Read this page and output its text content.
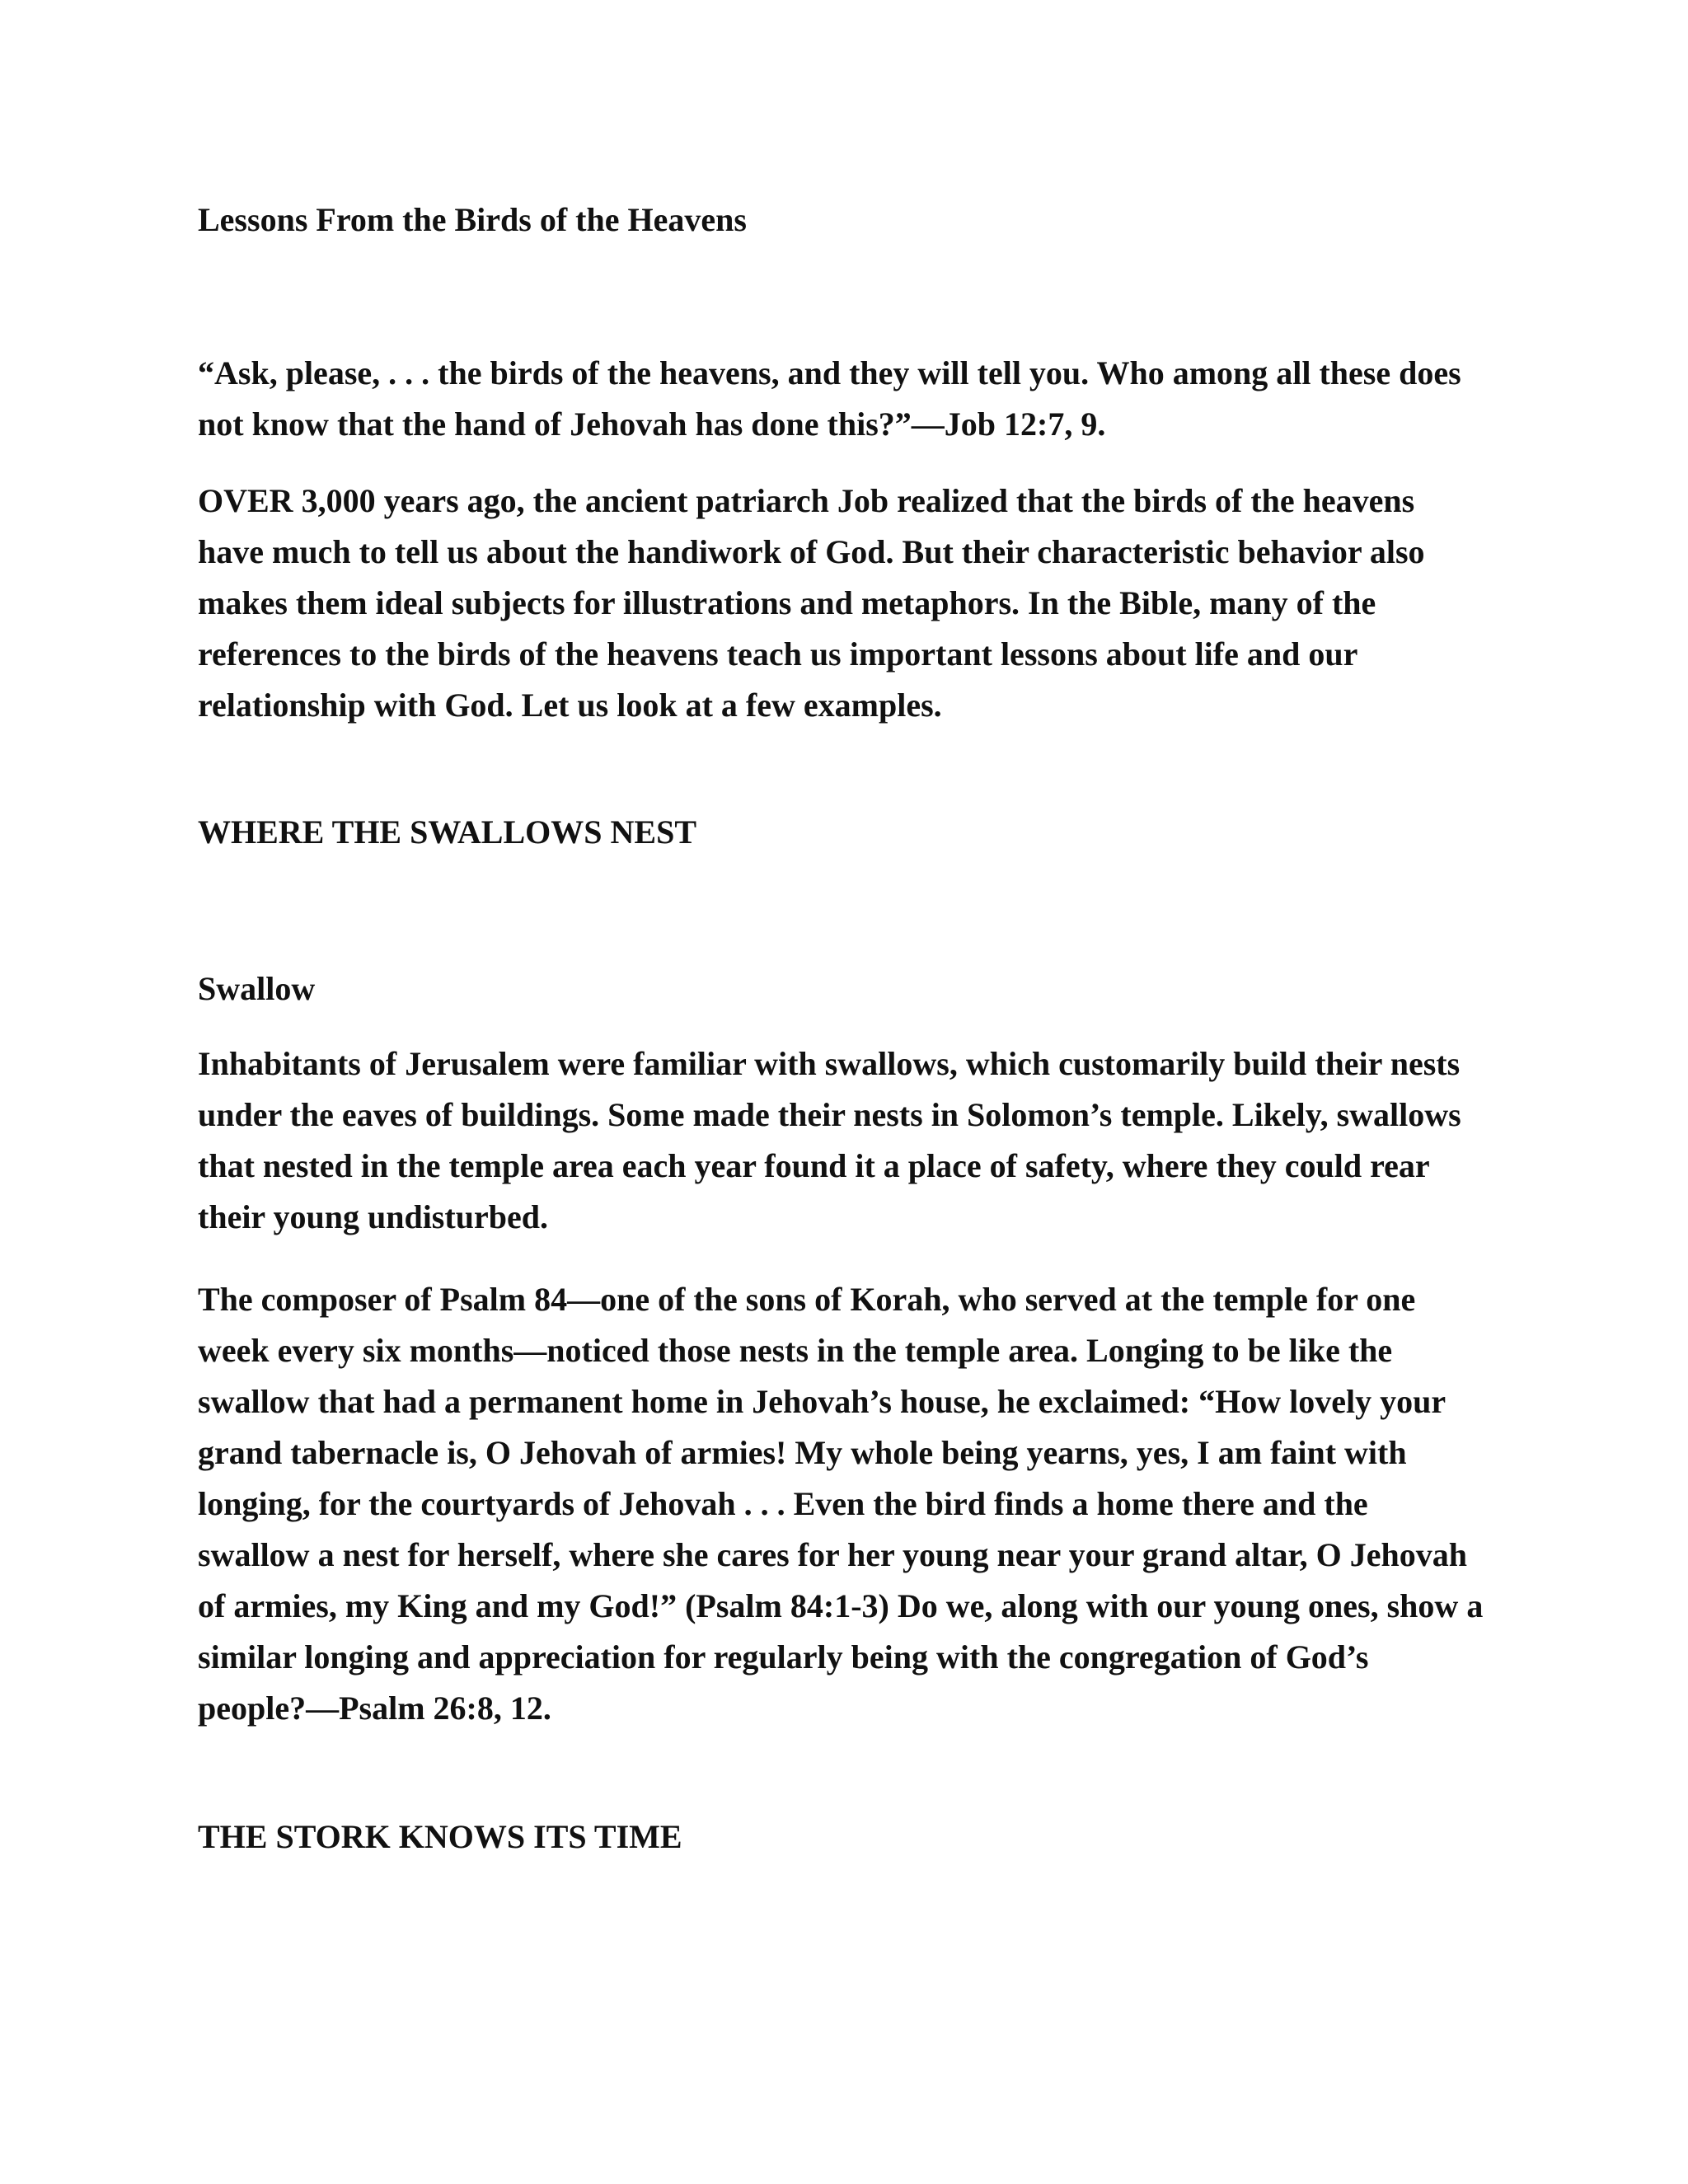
Lessons From the Birds of the Heavens

“Ask, please, . . . the birds of the heavens, and they will tell you. Who among all these does not know that the hand of Jehovah has done this?”—Job 12:7, 9.

OVER 3,000 years ago, the ancient patriarch Job realized that the birds of the heavens have much to tell us about the handiwork of God. But their characteristic behavior also makes them ideal subjects for illustrations and metaphors. In the Bible, many of the references to the birds of the heavens teach us important lessons about life and our relationship with God. Let us look at a few examples.

WHERE THE SWALLOWS NEST

Swallow

Inhabitants of Jerusalem were familiar with swallows, which customarily build their nests under the eaves of buildings. Some made their nests in Solomon’s temple. Likely, swallows that nested in the temple area each year found it a place of safety, where they could rear their young undisturbed.

The composer of Psalm 84—one of the sons of Korah, who served at the temple for one week every six months—noticed those nests in the temple area. Longing to be like the swallow that had a permanent home in Jehovah’s house, he exclaimed: “How lovely your grand tabernacle is, O Jehovah of armies! My whole being yearns, yes, I am faint with longing, for the courtyards of Jehovah . . . Even the bird finds a home there and the swallow a nest for herself, where she cares for her young near your grand altar, O Jehovah of armies, my King and my God!” (Psalm 84:1-3) Do we, along with our young ones, show a similar longing and appreciation for regularly being with the congregation of God’s people?—Psalm 26:8, 12.

THE STORK KNOWS ITS TIME
